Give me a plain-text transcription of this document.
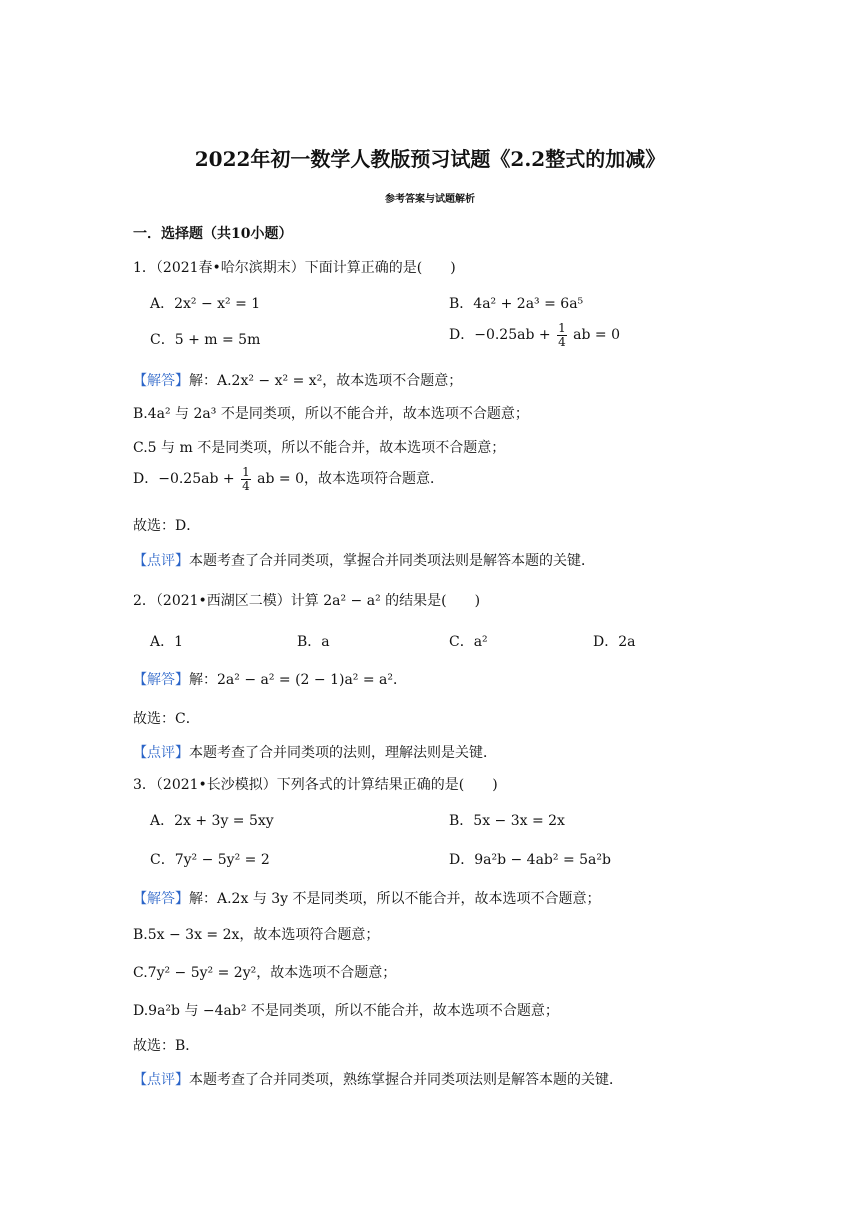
2022年初一数学人教版预习试题《2.2整式的加减》
参考答案与试题解析
一．选择题（共10小题）
1．（2021春•哈尔滨期末）下面计算正确的是(　　)
A．2x² − x² = 1	B．4a² + 2a³ = 6a⁵
C．5 + m = 5m	D．$-0.25ab + \frac{1}{4}$ ab = 0
【解答】解：A.2x² − x² = x²，故本选项不合题意；
B.4a² 与 2a³ 不是同类项，所以不能合并，故本选项不合题意；
C.5 与 m 不是同类项，所以不能合并，故本选项不合题意；
D．$-0.25ab + \frac{1}{4}$ ab = 0，故本选项符合题意．
故选：D．
【点评】本题考查了合并同类项，掌握合并同类项法则是解答本题的关键．
2．（2021•西湖区二模）计算 2a² − a² 的结果是(　　)
A．1	B．a	C．a²	D．2a
【解答】解：2a² − a² = (2 − 1)a² = a²．
故选：C．
【点评】本题考查了合并同类项的法则，理解法则是关键．
3．（2021•长沙模拟）下列各式的计算结果正确的是(　　)
A．2x + 3y = 5xy	B．5x − 3x = 2x
C．7y² − 5y² = 2	D．9a²b − 4ab² = 5a²b
【解答】解：A.2x 与 3y 不是同类项，所以不能合并，故本选项不合题意；
B.5x − 3x = 2x，故本选项符合题意；
C.7y² − 5y² = 2y²，故本选项不合题意；
D.9a²b 与 −4ab² 不是同类项，所以不能合并，故本选项不合题意；
故选：B．
【点评】本题考查了合并同类项，熟练掌握合并同类项法则是解答本题的关键．
